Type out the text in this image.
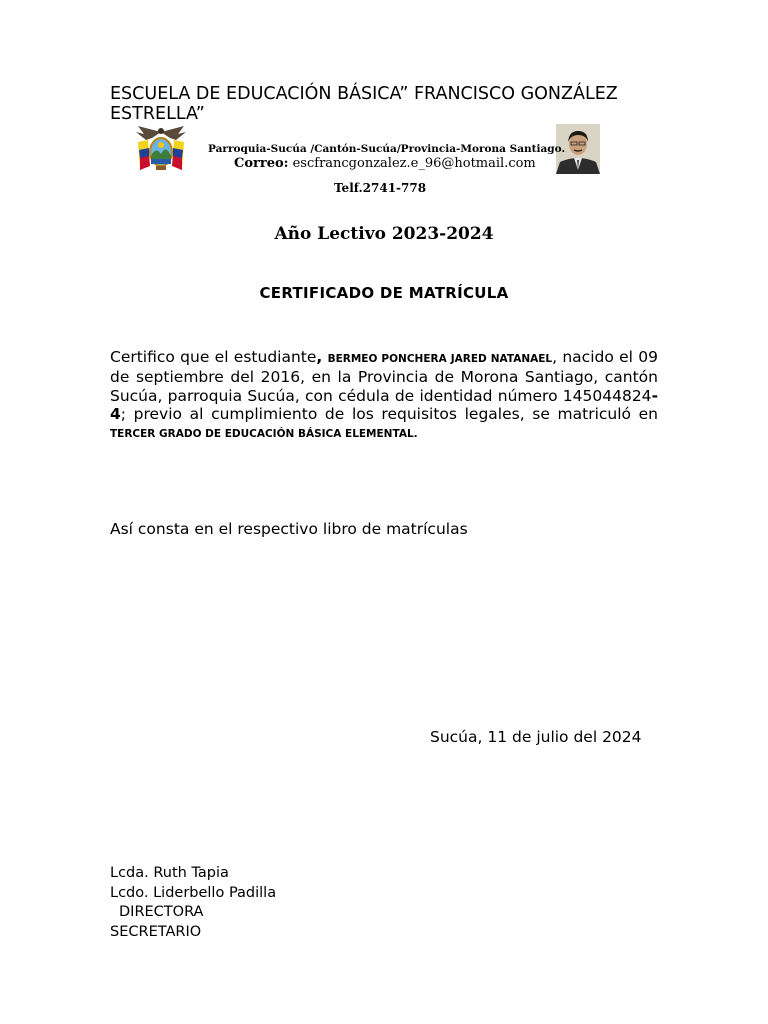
ESCUELA DE EDUCACIÓN BÁSICA” FRANCISCO GONZÁLEZ ESTRELLA”
Parroquia-Sucúa /Cantón-Sucúa/Provincia-Morona Santiago.
Correo: escfrancgonzalez.e_96@hotmail.com
Telf.2741-778
Año Lectivo 2023-2024
CERTIFICADO DE MATRÍCULA
Certifico que el estudiante, BERMEO PONCHERA JARED NATANAEL, nacido el 09 de septiembre del 2016, en la Provincia de Morona Santiago, cantón Sucúa, parroquia Sucúa, con cédula de identidad número 145044824-4; previo al cumplimiento de los requisitos legales, se matriculó en TERCER GRADO DE EDUCACIÓN BÁSICA ELEMENTAL.
Así consta en el respectivo libro de matrículas
Sucúa, 11 de julio del 2024
Lcda. Ruth Tapia
Lcdo. Liderbello Padilla
DIRECTORA
SECRETARIO
